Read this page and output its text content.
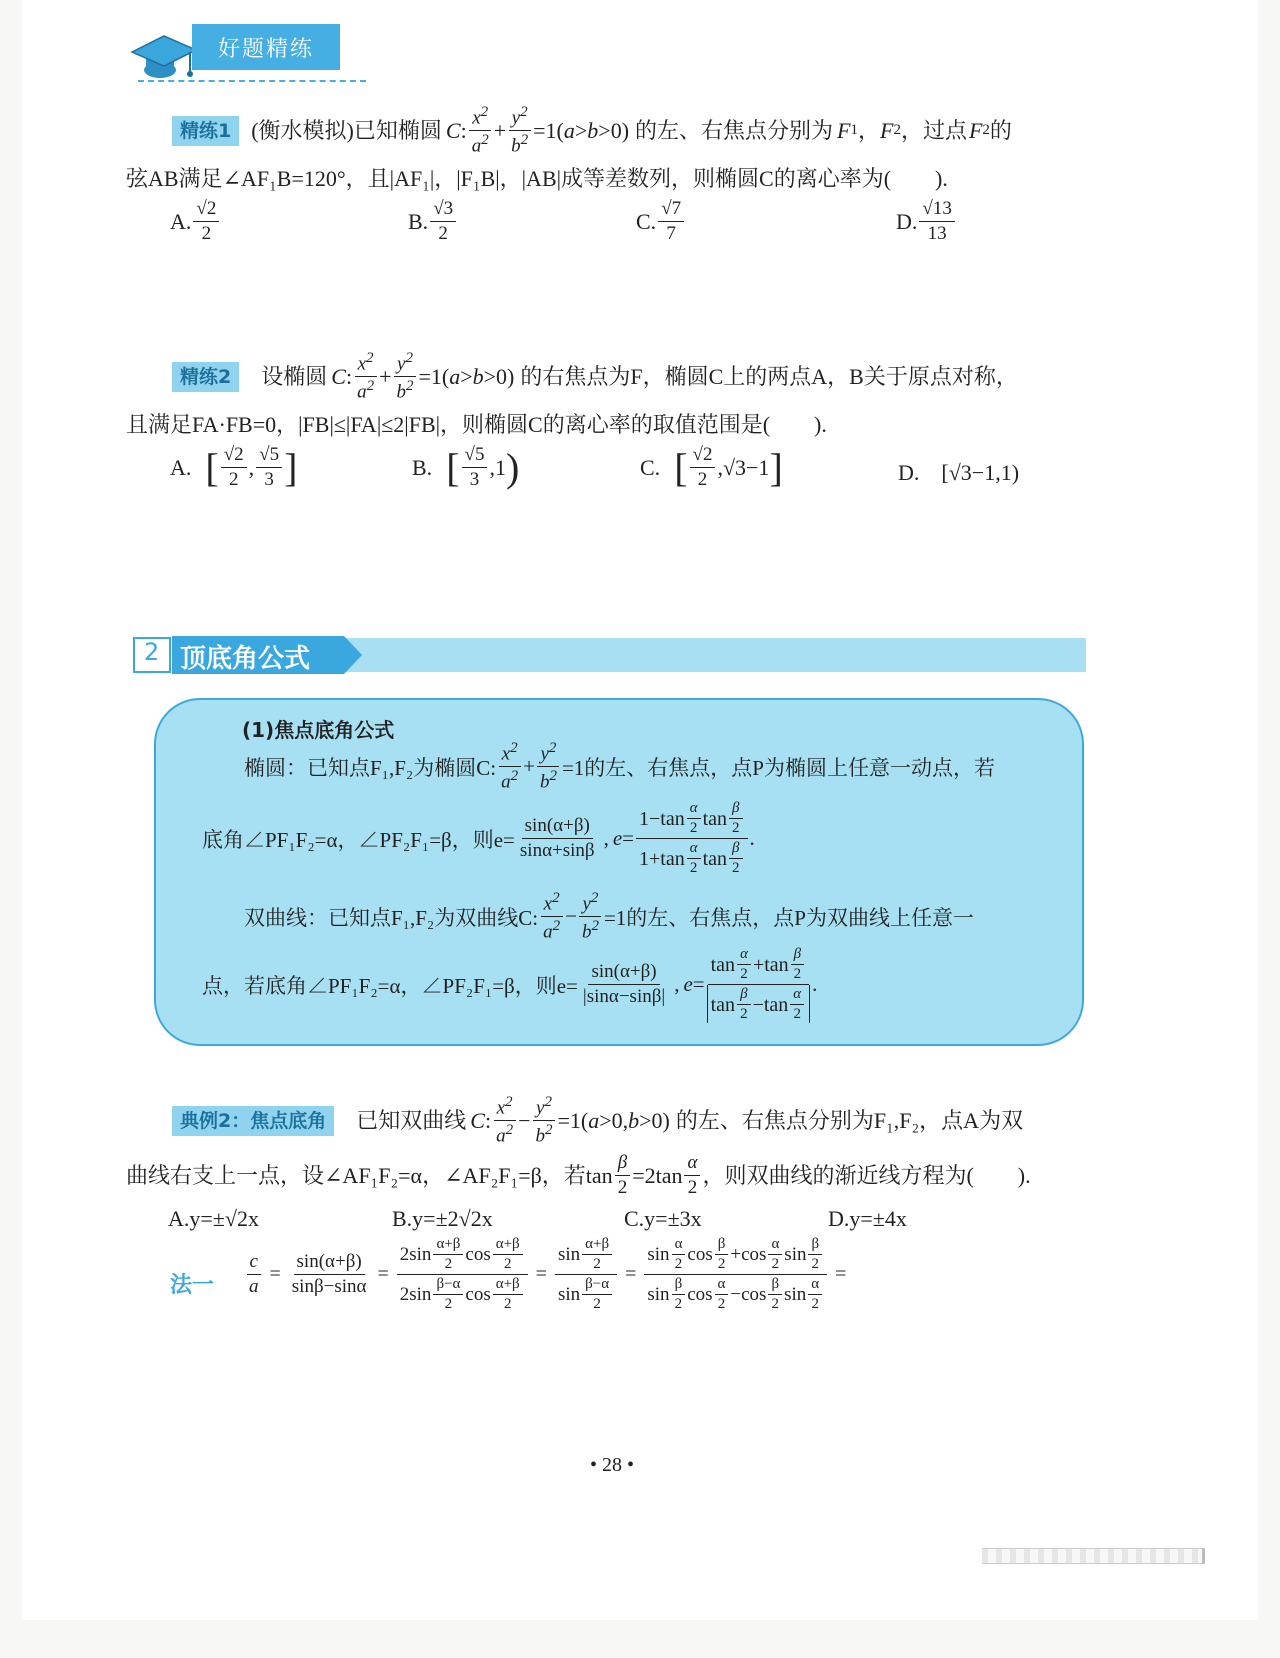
好题精练
精练1 (衡水模拟)已知椭圆 C : $\frac{x^2}{a^2} + \frac{y^2}{b^2} =1$( a > b >0) 的左、右焦点分别为 F 1 ， F 2 ，过点 F 2 的
弦AB满足∠AF₁B=120°，且|AF₁|，|F₁B|，|AB|成等差数列，则椭圆C的离心率为(　　).
A. $\frac{√2}{2}$	B. $\frac{√3}{2}$	C. $\frac{√7}{7}$	D. $\frac{√13}{13}$
精练2	设椭圆 C : $\frac{x^2}{a^2} + \frac{y^2}{b^2} =1$( a > b >0) 的右焦点为F，椭圆C上的两点A，B关于原点对称，
且满足FA·FB=0，|FB|≤|FA|≤2|FB|，则椭圆C的离心率的取值范围是(　　).
A. [ $\frac{√2}{2}$ , $\frac{√5}{3}$ ]	B. [ $\frac{√5}{3} ,1$ )	C. [ $\frac{√2}{2} ,√3-1$ ]	D.　[√3−1,1)
2 顶底角公式
(1)焦点底角公式
椭圆：已知点F₁,F₂为椭圆C: $\frac{x^2}{a^2} + \frac{y^2}{b^2} =1$的左、右焦点，点P为椭圆上任意一动点，若
底角∠PF₁F₂=α，∠PF₂F₁=β，则$e= \frac{\sin(\alpha+\beta)}{\sin\alpha+\sin\beta}$ , $e = \frac{1-\tan \frac{\alpha}{2} \tan \frac{\beta}{2}}{1+\tan \frac{\alpha}{2} \tan \frac{\beta}{2}}$ .
双曲线：已知点F₁,F₂为双曲线C: $\frac{x^2}{a^2} - \frac{y^2}{b^2} =1$的左、右焦点，点P为双曲线上任意一
点，若底角∠PF₁F₂=α，∠PF₂F₁=β，则$e= \frac{\sin(\alpha+\beta)}{|\sin\alpha-\sin\beta|}$ , $e = \frac{\tan \frac{\alpha}{2} +\tan \frac{\beta}{2}}{\tan \frac{\beta}{2} -\tan \frac{\alpha}{2}}$ .
典例2：焦点底角	已知双曲线 C : $\frac{x^2}{a^2} - \frac{y^2}{b^2} =1$( a >0, b >0) 的左、右焦点分别为F₁,F₂，点A为双
曲线右支上一点，设∠AF₁F₂=α，∠AF₂F₁=β，若$\tan \frac{\beta}{2} =2\tan \frac{\alpha}{2}$ ，则双曲线的渐近线方程为(　　).
A.y=±√2x	B.y=±2√2x	C.y=±3x	D.y=±4x
法一 $\frac{c}{a} = \frac{\sin(\alpha+\beta)}{\sin\beta-\sin\alpha} = \frac{2\sin \frac{\alpha+\beta}{2} \cos \frac{\alpha+\beta}{2}}{2\sin \frac{\beta-\alpha}{2} \cos \frac{\alpha+\beta}{2}} = \frac{\sin \frac{\alpha+\beta}{2}}{\sin \frac{\beta-\alpha}{2}} = \frac{\sin \frac{\alpha}{2} \cos \frac{\beta}{2} +\cos \frac{\alpha}{2} \sin \frac{\beta}{2}}{\sin \frac{\beta}{2} \cos \frac{\alpha}{2} -\cos \frac{\beta}{2} \sin \frac{\alpha}{2}}$ =
• 28 •
